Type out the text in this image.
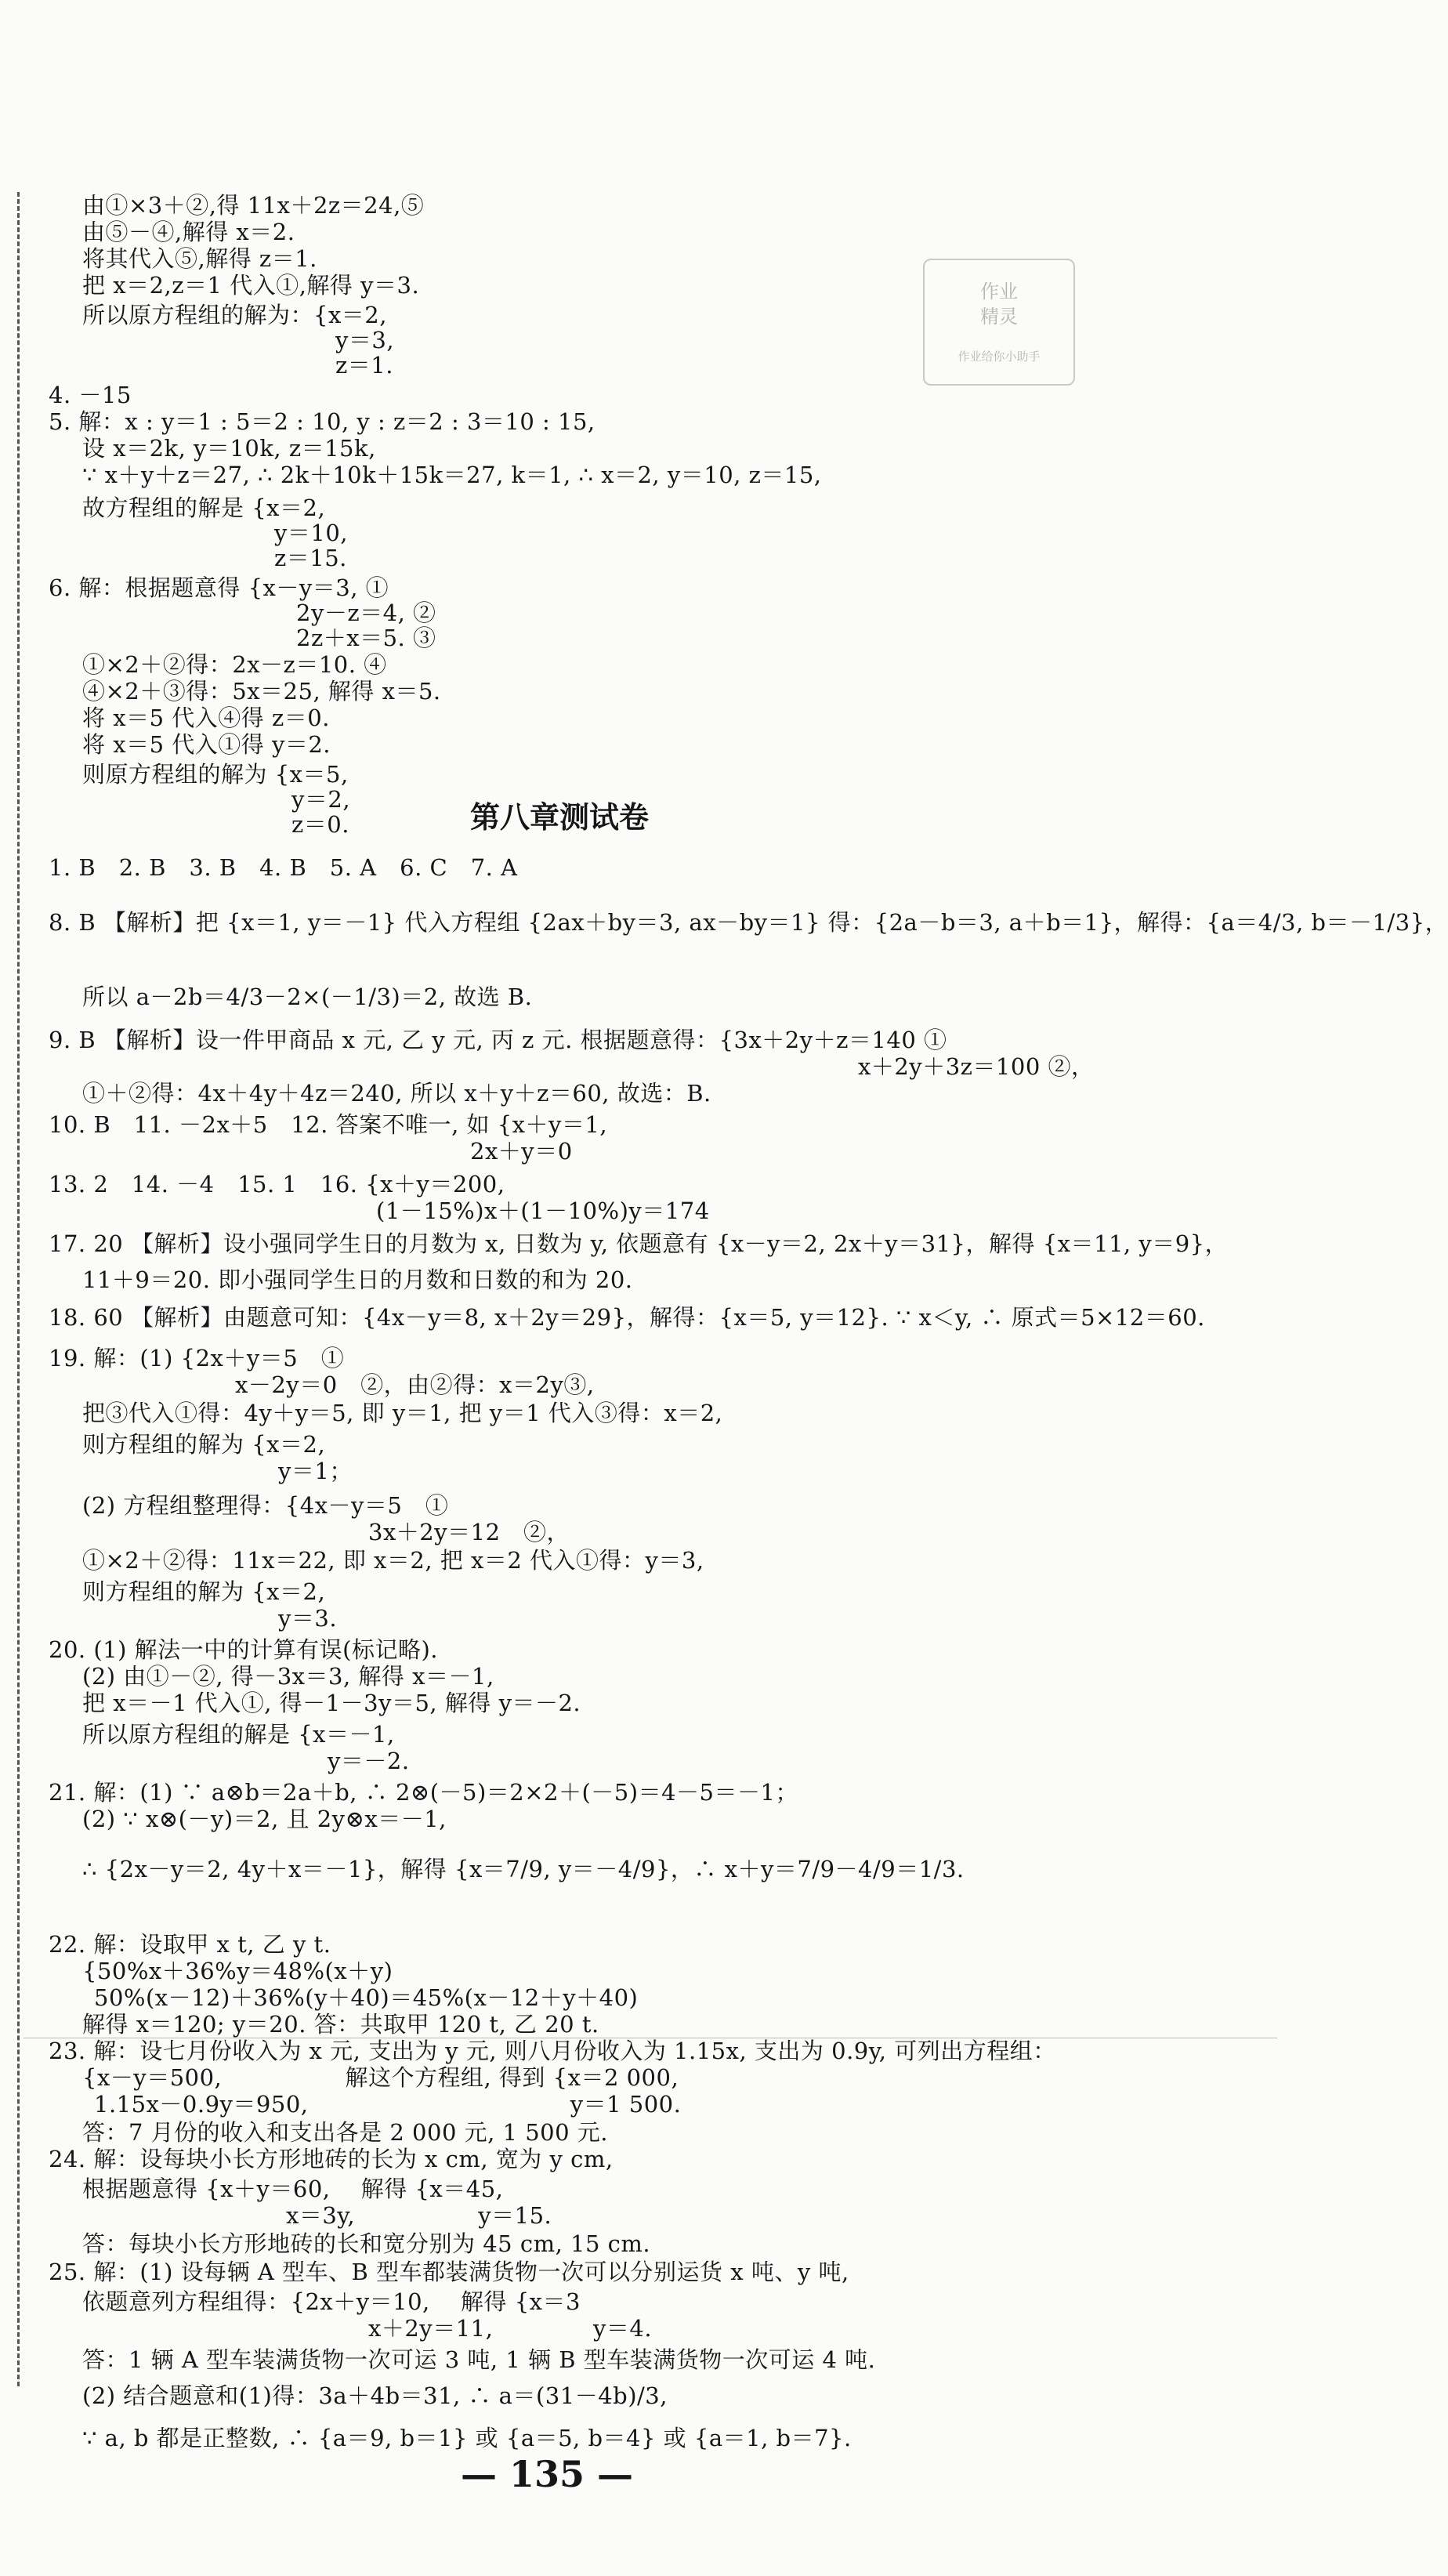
作业
精灵
作业给你小助手
第八章测试卷
由①×3＋②,得 11x＋2z＝24,⑤
由⑤－④,解得 x＝2.
将其代入⑤,解得 z＝1.
把 x＝2,z＝1 代入①,解得 y＝3.
所以原方程组的解为：{x＝2,
y＝3,
z＝1.
4. －15
5. 解：x : y＝1 : 5＝2 : 10, y : z＝2 : 3＝10 : 15,
设 x＝2k, y＝10k, z＝15k,
∵ x＋y＋z＝27, ∴ 2k＋10k＋15k＝27, k＝1, ∴ x＝2, y＝10, z＝15,
故方程组的解是 {x＝2,
y＝10,
z＝15.
6. 解：根据题意得 {x－y＝3, ①
2y－z＝4, ②
2z＋x＝5. ③
①×2＋②得：2x－z＝10. ④
④×2＋③得：5x＝25, 解得 x＝5.
将 x＝5 代入④得 z＝0.
将 x＝5 代入①得 y＝2.
则原方程组的解为 {x＝5,
y＝2,
z＝0.
1. B　2. B　3. B　4. B　5. A　6. C　7. A
8. B 【解析】把 {x＝1, y＝－1} 代入方程组 {2ax＋by＝3, ax－by＝1} 得：{2a－b＝3, a＋b＝1}，解得：{a＝4/3, b＝－1/3}，
所以 a－2b＝4/3－2×(－1/3)＝2, 故选 B.
9. B 【解析】设一件甲商品 x 元, 乙 y 元, 丙 z 元. 根据题意得：{3x＋2y＋z＝140 ①
x＋2y＋3z＝100 ②，
①＋②得：4x＋4y＋4z＝240, 所以 x＋y＋z＝60, 故选：B.
10. B　11. －2x＋5　12. 答案不唯一, 如 {x＋y＝1,
2x＋y＝0
13. 2　14. －4　15. 1　16. {x＋y＝200,
(1－15%)x＋(1－10%)y＝174
17. 20 【解析】设小强同学生日的月数为 x, 日数为 y, 依题意有 {x－y＝2, 2x＋y＝31}，解得 {x＝11, y＝9}，
11＋9＝20. 即小强同学生日的月数和日数的和为 20.
18. 60 【解析】由题意可知：{4x－y＝8, x＋2y＝29}，解得：{x＝5, y＝12}. ∵ x＜y, ∴ 原式＝5×12＝60.
19. 解：(1) {2x＋y＝5　①
x－2y＝0　②，由②得：x＝2y③,
把③代入①得：4y＋y＝5, 即 y＝1, 把 y＝1 代入③得：x＝2,
则方程组的解为 {x＝2,
y＝1；
(2) 方程组整理得：{4x－y＝5　①
3x＋2y＝12　②，
①×2＋②得：11x＝22, 即 x＝2, 把 x＝2 代入①得：y＝3,
则方程组的解为 {x＝2,
y＝3.
20. (1) 解法一中的计算有误(标记略).
(2) 由①－②, 得－3x＝3, 解得 x＝－1,
把 x＝－1 代入①, 得－1－3y＝5, 解得 y＝－2.
所以原方程组的解是 {x＝－1,
y＝－2.
21. 解：(1) ∵ a⊗b＝2a＋b, ∴ 2⊗(－5)＝2×2＋(－5)＝4－5＝－1；
(2) ∵ x⊗(－y)＝2, 且 2y⊗x＝－1,
∴ {2x－y＝2, 4y＋x＝－1}，解得 {x＝7/9, y＝－4/9}，∴ x＋y＝7/9－4/9＝1/3.
22. 解：设取甲 x t, 乙 y t.
{50%x＋36%y＝48%(x＋y)
50%(x－12)＋36%(y＋40)＝45%(x－12＋y＋40)
解得 x＝120; y＝20. 答：共取甲 120 t, 乙 20 t.
23. 解：设七月份收入为 x 元, 支出为 y 元, 则八月份收入为 1.15x, 支出为 0.9y, 可列出方程组：
{x－y＝500,　　　　　 解这个方程组, 得到 {x＝2 000,
1.15x－0.9y＝950,　　　　　　　　　　　 y＝1 500.
答：7 月份的收入和支出各是 2 000 元, 1 500 元.
24. 解：设每块小长方形地砖的长为 x cm, 宽为 y cm,
根据题意得 {x＋y＝60,　 解得 {x＝45,
x＝3y,　　　　　 y＝15.
答：每块小长方形地砖的长和宽分别为 45 cm, 15 cm.
25. 解：(1) 设每辆 A 型车、B 型车都装满货物一次可以分别运货 x 吨、y 吨,
依题意列方程组得：{2x＋y＝10,　 解得 {x＝3
x＋2y＝11,　　　　 y＝4.
答：1 辆 A 型车装满货物一次可运 3 吨, 1 辆 B 型车装满货物一次可运 4 吨.
(2) 结合题意和(1)得：3a＋4b＝31, ∴ a＝(31－4b)/3,
∵ a, b 都是正整数, ∴ {a＝9, b＝1} 或 {a＝5, b＝4} 或 {a＝1, b＝7}.
— 135 —
